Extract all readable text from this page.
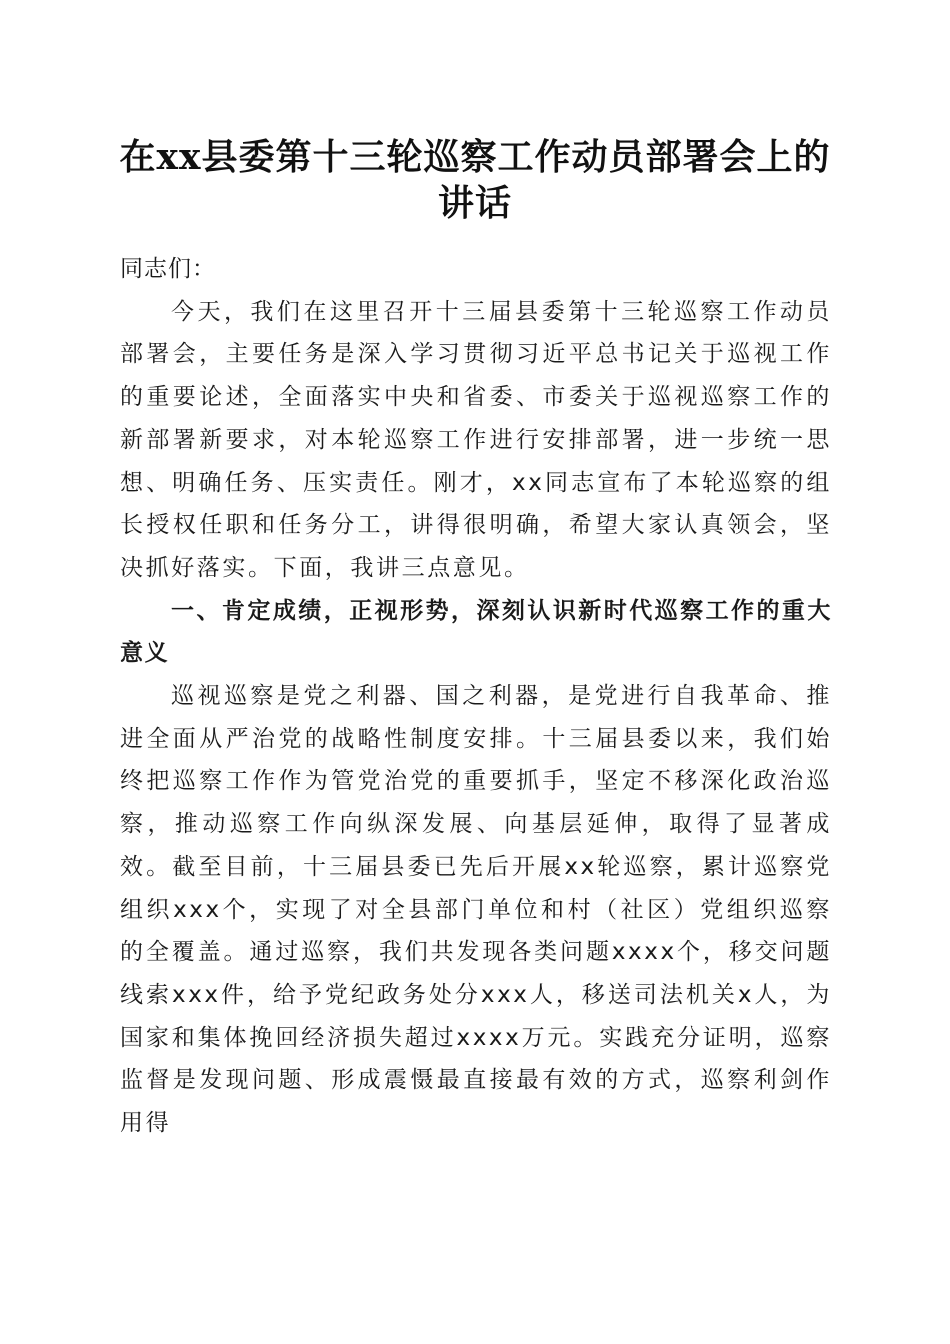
在xx县委第十三轮巡察工作动员部署会上的
讲话

同志们：

今天，我们在这里召开十三届县委第十三轮巡察工作动员部署会，主要任务是深入学习贯彻习近平总书记关于巡视工作的重要论述，全面落实中央和省委、市委关于巡视巡察工作的新部署新要求，对本轮巡察工作进行安排部署，进一步统一思想、明确任务、压实责任。刚才，xx同志宣布了本轮巡察的组长授权任职和任务分工，讲得很明确，希望大家认真领会，坚决抓好落实。下面，我讲三点意见。

一、肯定成绩，正视形势，深刻认识新时代巡察工作的重大意义

巡视巡察是党之利器、国之利器，是党进行自我革命、推进全面从严治党的战略性制度安排。十三届县委以来，我们始终把巡察工作作为管党治党的重要抓手，坚定不移深化政治巡察，推动巡察工作向纵深发展、向基层延伸，取得了显著成效。截至目前，十三届县委已先后开展xx轮巡察，累计巡察党组织xxx个，实现了对全县部门单位和村（社区）党组织巡察的全覆盖。通过巡察，我们共发现各类问题xxxx个，移交问题线索xxx件，给予党纪政务处分xxx人，移送司法机关x人，为国家和集体挽回经济损失超过xxxx万元。实践充分证明，巡察监督是发现问题、形成震慑最直接最有效的方式，巡察利剑作用得
